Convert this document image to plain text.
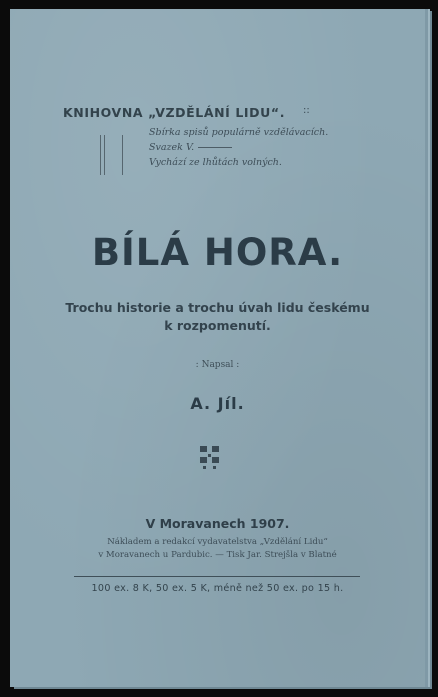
KNIHOVNA „VZDĚLÁNÍ LIDU“. ::
Sbírka spisů populárně vzdělávacích.
Svazek V.
Vychází ze lhůtách volných.
BÍLÁ HORA.
Trochu historie a trochu úvah lidu českému
k rozpomenutí.
: Napsal :
A. Jíl.
V Moravanech 1907.
Nákladem a redakcí vydavatelstva „Vzdělání Lidu“
v Moravanech u Pardubic. — Tisk Jar. Strejšla v Blatné
100 ex. 8 K, 50 ex. 5 K, méně než 50 ex. po 15 h.
